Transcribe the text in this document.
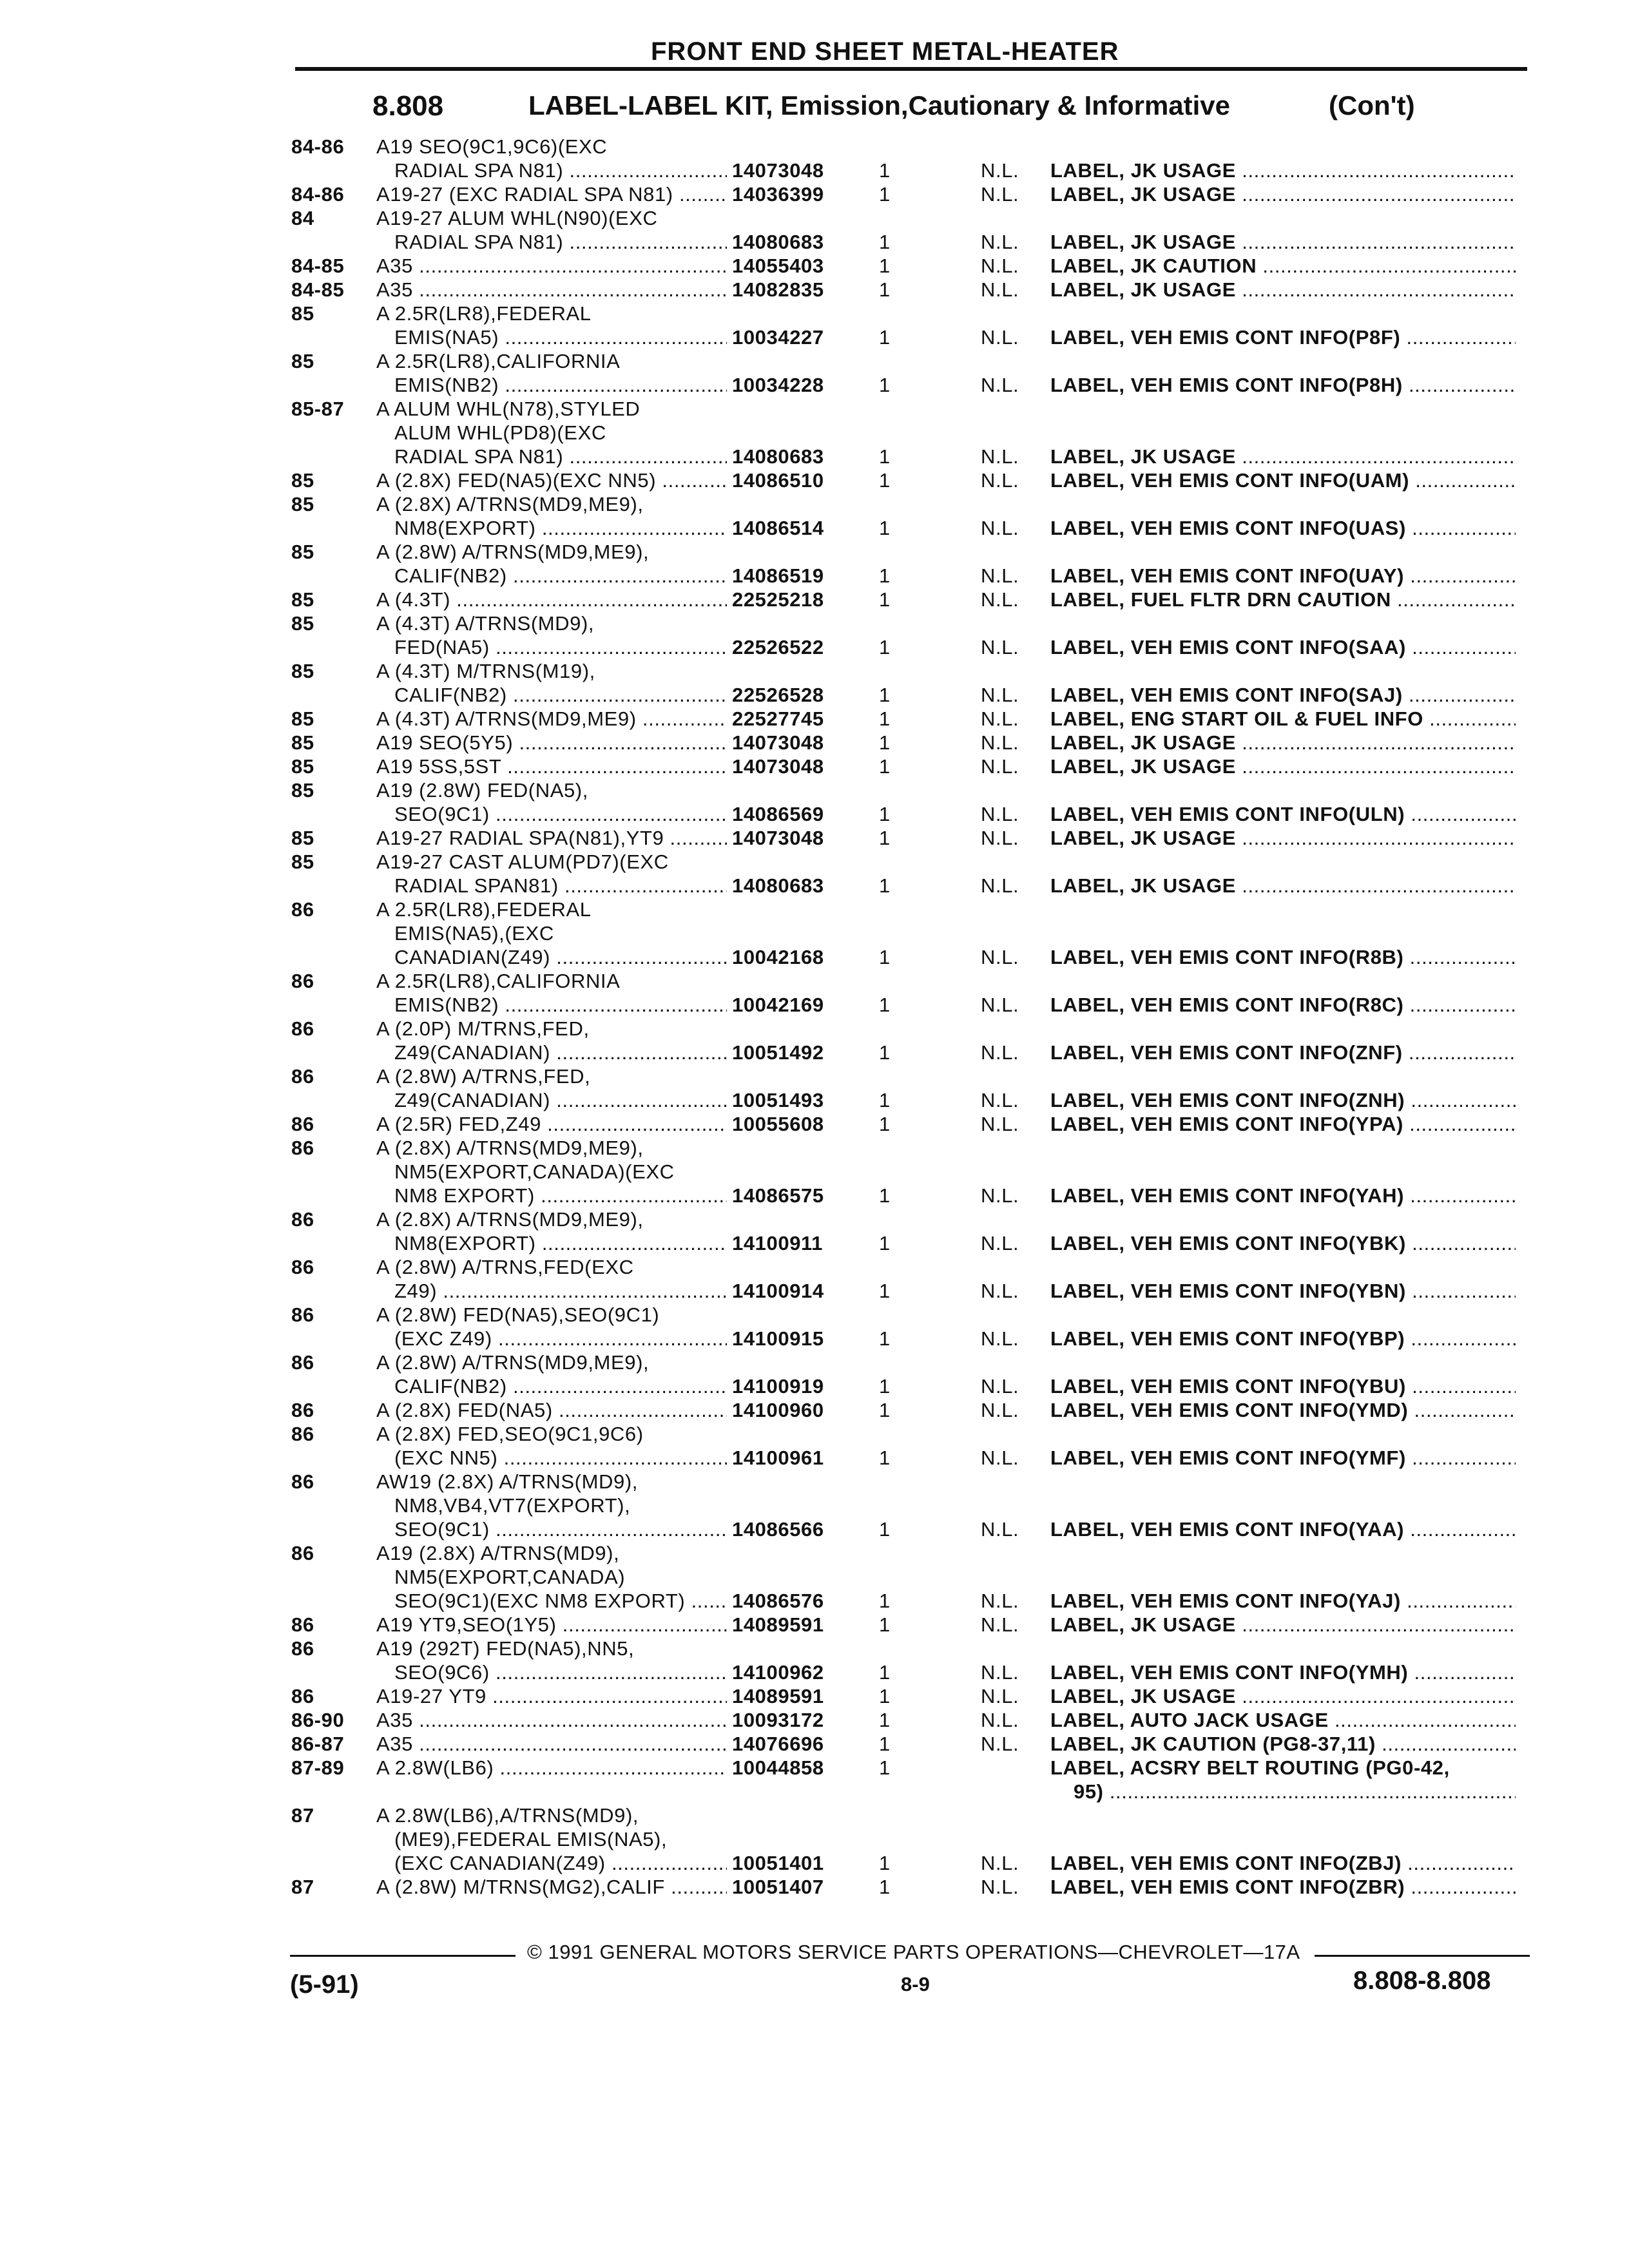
FRONT END SHEET METAL-HEATER
8.808	LABEL-LABEL KIT, Emission,Cautionary & Informative	(Con't)
84-86 A19 SEO(9C1,9C6)(EXC
RADIAL SPA N81) .....	14073048	1	N.L. LABEL, JK USAGE .....
84-86 A19-27 (EXC RADIAL SPA N81) .....	14036399	1	N.L. LABEL, JK USAGE .....
84	A19-27 ALUM WHL(N90)(EXC
RADIAL SPA N81) .....	14080683	1	N.L. LABEL, JK USAGE .....
84-85 A35 .....	14055403	1	N.L. LABEL, JK CAUTION .....
84-85 A35 .....	14082835	1	N.L. LABEL, JK USAGE .....
85	A 2.5R(LR8),FEDERAL
EMIS(NA5) .....	10034227	1	N.L. LABEL, VEH EMIS CONT INFO(P8F) .....
85	A 2.5R(LR8),CALIFORNIA
EMIS(NB2) .....	10034228	1	N.L. LABEL, VEH EMIS CONT INFO(P8H) .....
85-87 A ALUM WHL(N78),STYLED
ALUM WHL(PD8)(EXC
RADIAL SPA N81) .....	14080683	1	N.L. LABEL, JK USAGE .....
85	A (2.8X) FED(NA5)(EXC NN5) .....	14086510	1	N.L. LABEL, VEH EMIS CONT INFO(UAM) .....
85	A (2.8X) A/TRNS(MD9,ME9),
NM8(EXPORT) .....	14086514	1	N.L. LABEL, VEH EMIS CONT INFO(UAS) .....
85	A (2.8W) A/TRNS(MD9,ME9),
CALIF(NB2) .....	14086519	1	N.L. LABEL, VEH EMIS CONT INFO(UAY) .....
85	A (4.3T) .....	22525218	1	N.L. LABEL, FUEL FLTR DRN CAUTION .....
85	A (4.3T) A/TRNS(MD9),
FED(NA5) .....	22526522	1	N.L. LABEL, VEH EMIS CONT INFO(SAA) .....
85	A (4.3T) M/TRNS(M19),
CALIF(NB2) .....	22526528	1	N.L. LABEL, VEH EMIS CONT INFO(SAJ) .....
85	A (4.3T) A/TRNS(MD9,ME9) .....	22527745	1	N.L. LABEL, ENG START OIL & FUEL INFO .....
85	A19 SEO(5Y5) .....	14073048	1	N.L. LABEL, JK USAGE .....
85	A19 5SS,5ST .....	14073048	1	N.L. LABEL, JK USAGE .....
85	A19 (2.8W) FED(NA5),
SEO(9C1) .....	14086569	1	N.L. LABEL, VEH EMIS CONT INFO(ULN) .....
85	A19-27 RADIAL SPA(N81),YT9 .....	14073048	1	N.L. LABEL, JK USAGE .....
85	A19-27 CAST ALUM(PD7)(EXC
RADIAL SPAN81) .....	14080683	1	N.L. LABEL, JK USAGE .....
86	A 2.5R(LR8),FEDERAL
EMIS(NA5),(EXC
CANADIAN(Z49) .....	10042168	1	N.L. LABEL, VEH EMIS CONT INFO(R8B) .....
86	A 2.5R(LR8),CALIFORNIA
EMIS(NB2) .....	10042169	1	N.L. LABEL, VEH EMIS CONT INFO(R8C) .....
86	A (2.0P) M/TRNS,FED,
Z49(CANADIAN) .....	10051492	1	N.L. LABEL, VEH EMIS CONT INFO(ZNF) .....
86	A (2.8W) A/TRNS,FED,
Z49(CANADIAN) .....	10051493	1	N.L. LABEL, VEH EMIS CONT INFO(ZNH) .....
86	A (2.5R) FED,Z49 .....	10055608	1	N.L. LABEL, VEH EMIS CONT INFO(YPA) .....
86	A (2.8X) A/TRNS(MD9,ME9),
NM5(EXPORT,CANADA)(EXC
NM8 EXPORT) .....	14086575	1	N.L. LABEL, VEH EMIS CONT INFO(YAH) .....
86	A (2.8X) A/TRNS(MD9,ME9),
NM8(EXPORT) .....	14100911	1	N.L. LABEL, VEH EMIS CONT INFO(YBK) .....
86	A (2.8W) A/TRNS,FED(EXC
Z49) .....	14100914	1	N.L. LABEL, VEH EMIS CONT INFO(YBN) .....
86	A (2.8W) FED(NA5),SEO(9C1)
(EXC Z49) .....	14100915	1	N.L. LABEL, VEH EMIS CONT INFO(YBP) .....
86	A (2.8W) A/TRNS(MD9,ME9),
CALIF(NB2) .....	14100919	1	N.L. LABEL, VEH EMIS CONT INFO(YBU) .....
86	A (2.8X) FED(NA5) .....	14100960	1	N.L. LABEL, VEH EMIS CONT INFO(YMD) .....
86	A (2.8X) FED,SEO(9C1,9C6)
(EXC NN5) .....	14100961	1	N.L. LABEL, VEH EMIS CONT INFO(YMF) .....
86	AW19 (2.8X) A/TRNS(MD9),
NM8,VB4,VT7(EXPORT),
SEO(9C1) .....	14086566	1	N.L. LABEL, VEH EMIS CONT INFO(YAA) .....
86	A19 (2.8X) A/TRNS(MD9),
NM5(EXPORT,CANADA)
SEO(9C1)(EXC NM8 EXPORT) .....	14086576	1	N.L. LABEL, VEH EMIS CONT INFO(YAJ) .....
86	A19 YT9,SEO(1Y5) .....	14089591	1	N.L. LABEL, JK USAGE .....
86	A19 (292T) FED(NA5),NN5,
SEO(9C6) .....	14100962	1	N.L. LABEL, VEH EMIS CONT INFO(YMH) .....
86	A19-27 YT9 .....	14089591	1	N.L. LABEL, JK USAGE .....
86-90 A35 .....	10093172	1	N.L. LABEL, AUTO JACK USAGE .....
86-87 A35 .....	14076696	1	N.L. LABEL, JK CAUTION (PG8-37,11) .....
87-89 A 2.8W(LB6) .....	10044858	1	LABEL, ACSRY BELT ROUTING (PG0-42,
95) .....
87	A 2.8W(LB6),A/TRNS(MD9),
(ME9),FEDERAL EMIS(NA5),
(EXC CANADIAN(Z49) .....	10051401	1	N.L. LABEL, VEH EMIS CONT INFO(ZBJ) .....
87	A (2.8W) M/TRNS(MG2),CALIF .....	10051407	1	N.L. LABEL, VEH EMIS CONT INFO(ZBR) .....
© 1991 GENERAL MOTORS SERVICE PARTS OPERATIONS—CHEVROLET—17A
(5-91)	8-9	8.808-8.808
